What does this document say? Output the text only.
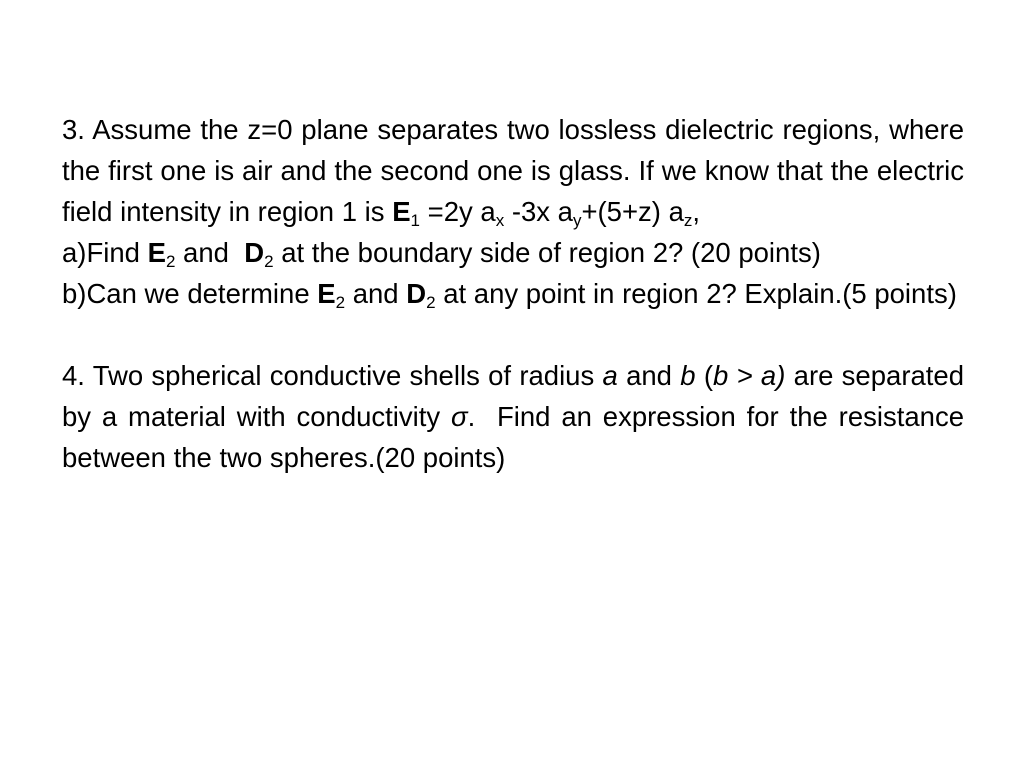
3. Assume the z=0 plane separates two lossless dielectric regions, where the first one is air and the second one is glass. If we know that the electric field intensity in region 1 is $E_1 =2y$ $a_x$ -3x $a_y+(5+z)$ $a_z$,
a)Find $E_2$ and  $D_2$ at the boundary side of region 2? (20 points)
b)Can we determine $E_2$ and $D_2$ at any point in region 2? Explain.(5 points)
4. Two spherical conductive shells of radius a and b (b > a) are separated by a material with conductivity σ.  Find an expression for the resistance between the two spheres.(20 points)
